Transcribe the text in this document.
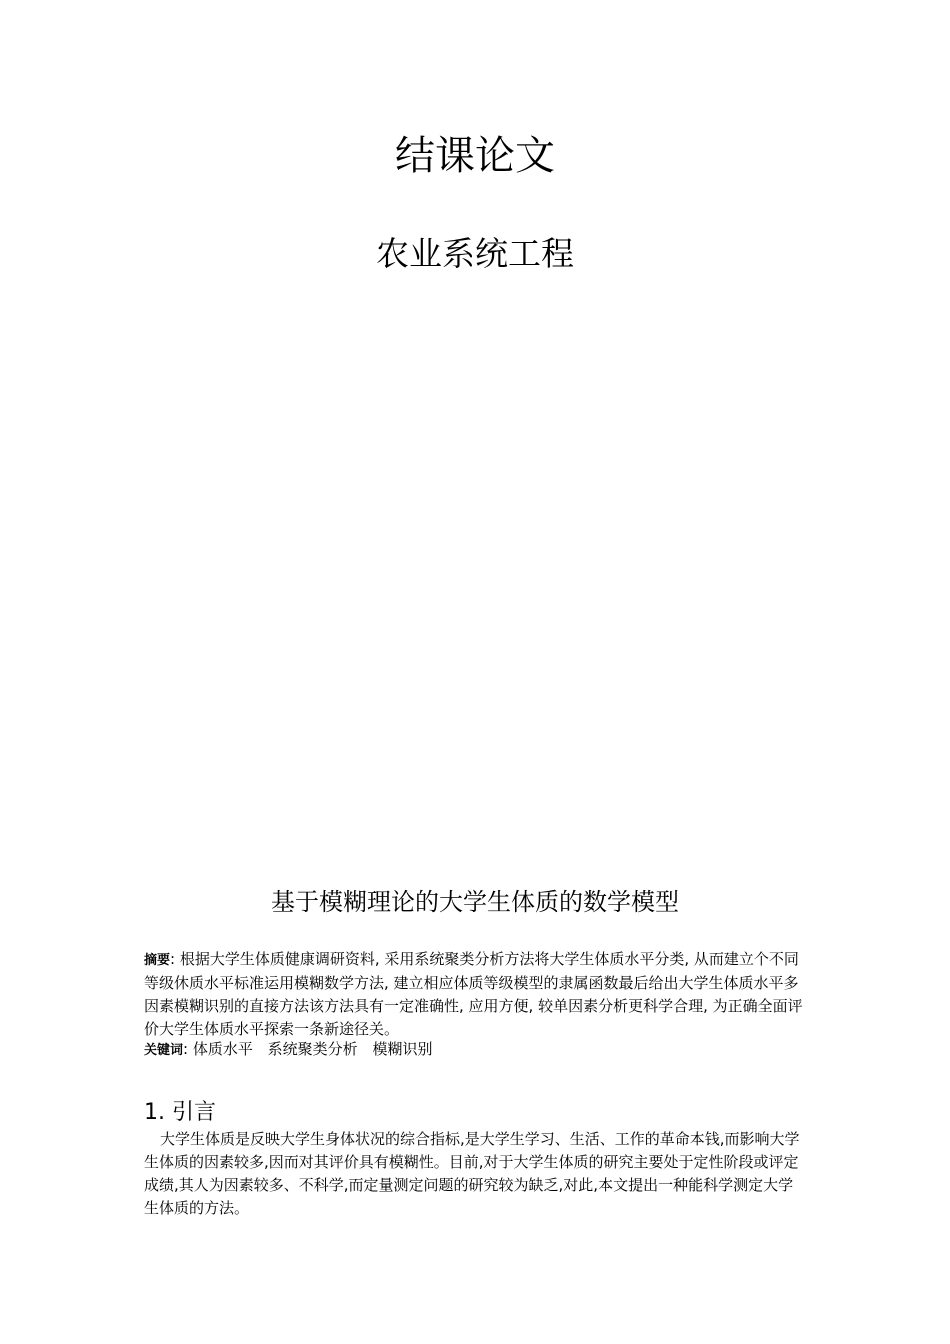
结课论文
农业系统工程
基于模糊理论的大学生体质的数学模型

摘要: 根据大学生体质健康调研资料, 采用系统聚类分析方法将大学生体质水平分类, 从而建立个不同等级休质水平标准运用模糊数学方法, 建立相应体质等级模型的隶属函数最后给出大学生体质水平多因素模糊识别的直接方法该方法具有一定准确性, 应用方便, 较单因素分析更科学合理, 为正确全面评价大学生体质水平探索一条新途径关。

关键词: 体质水平 系统聚类分析 模糊识别
1. 引言

大学生体质是反映大学生身体状况的综合指标,是大学生学习、生活、工作的革命本钱,而影响大学生体质的因素较多,因而对其评价具有模糊性。目前,对于大学生体质的研究主要处于定性阶段或评定成绩,其人为因素较多、不科学,而定量测定问题的研究较为缺乏,对此,本文提出一种能科学测定大学生体质的方法。
